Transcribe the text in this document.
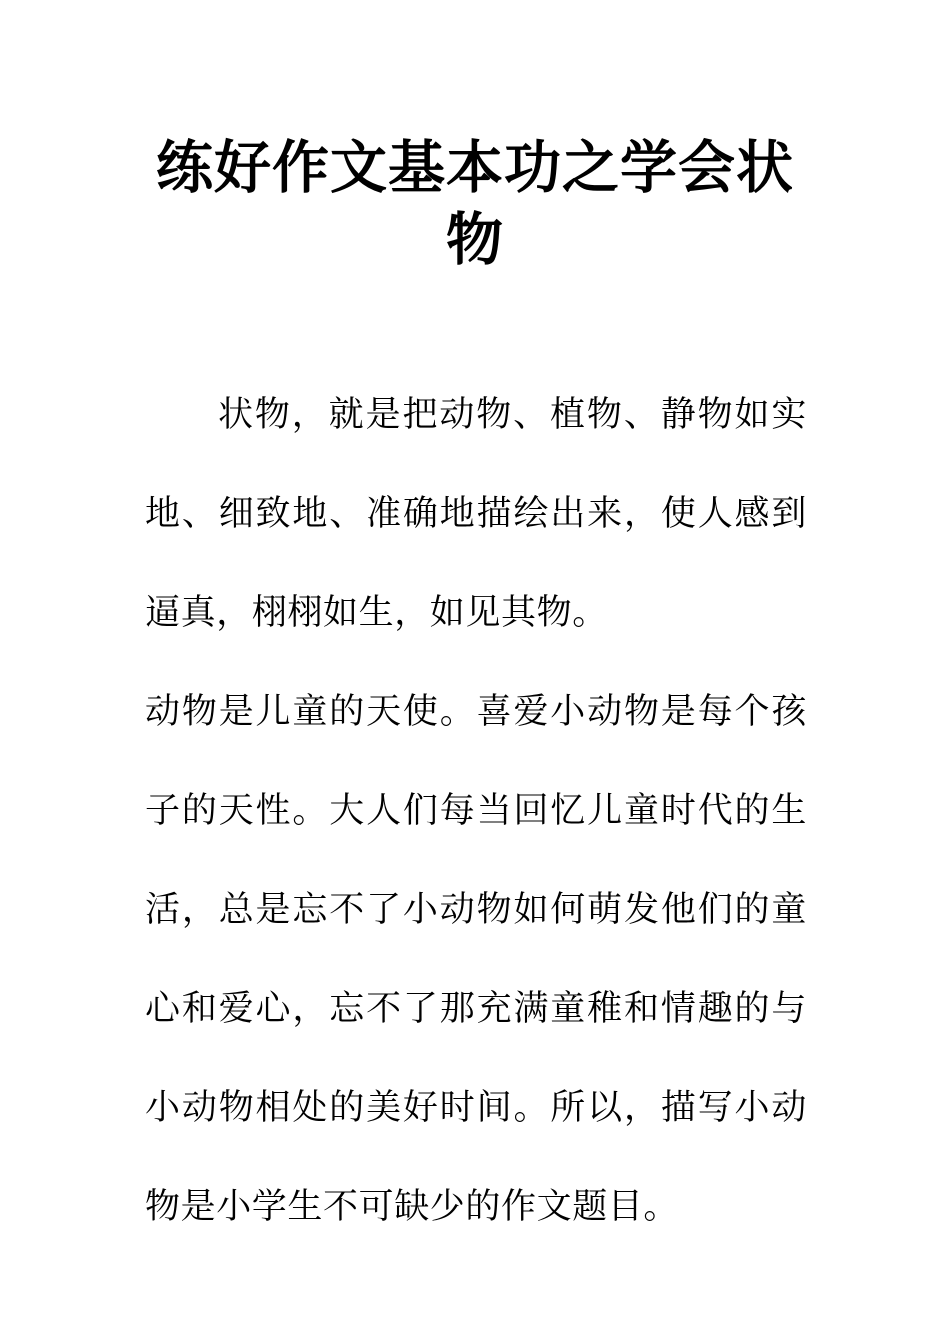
练好作文基本功之学会状物

状物，就是把动物、植物、静物如实地、细致地、准确地描绘出来，使人感到逼真，栩栩如生，如见其物。

动物是儿童的天使。喜爱小动物是每个孩子的天性。大人们每当回忆儿童时代的生活，总是忘不了小动物如何萌发他们的童心和爱心，忘不了那充满童稚和情趣的与小动物相处的美好时间。所以，描写小动物是小学生不可缺少的作文题目。
